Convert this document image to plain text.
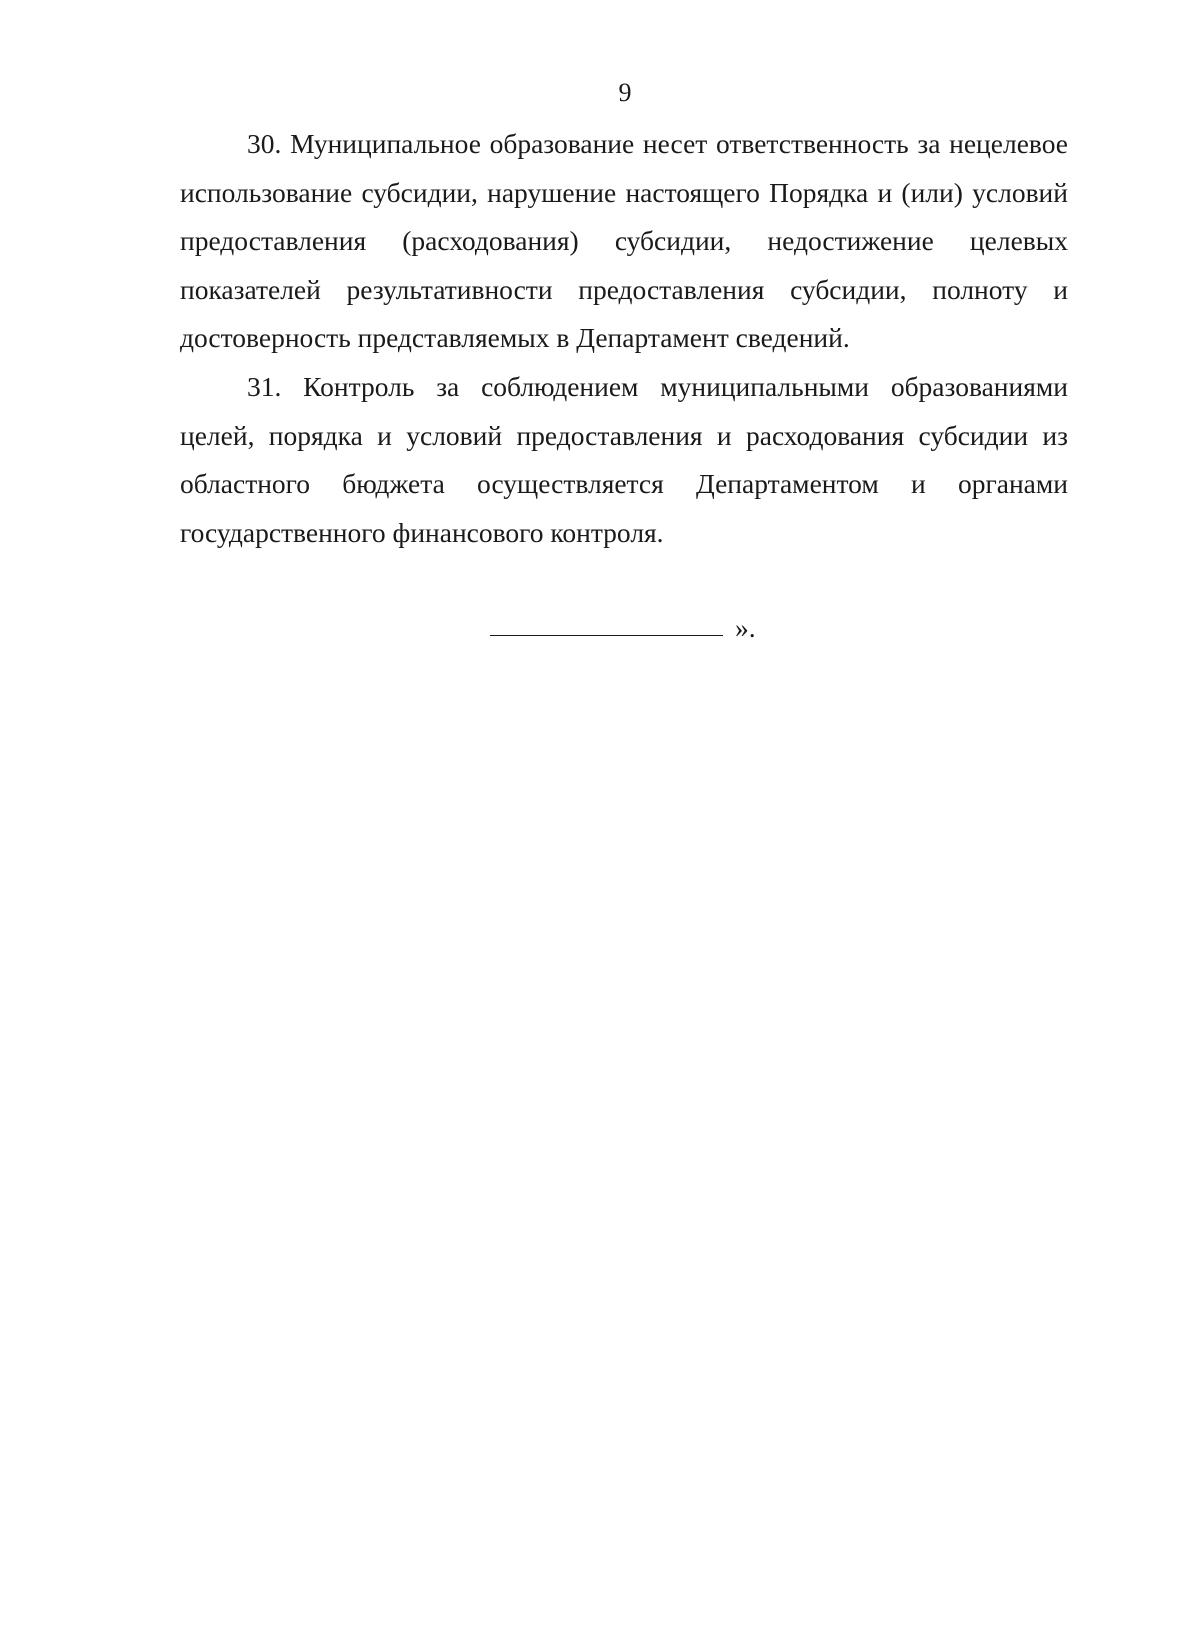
9

30. Муниципальное образование несет ответственность за нецелевое использование субсидии, нарушение настоящего Порядка и (или) условий предоставления (расходования) субсидии, недостижение целевых показателей результативности предоставления субсидии, полноту и достоверность представляемых в Департамент сведений.

31. Контроль за соблюдением муниципальными образованиями целей, порядка и условий предоставления и расходования субсидии из областного бюджета осуществляется Департаментом и органами государственного финансового контроля.

».
